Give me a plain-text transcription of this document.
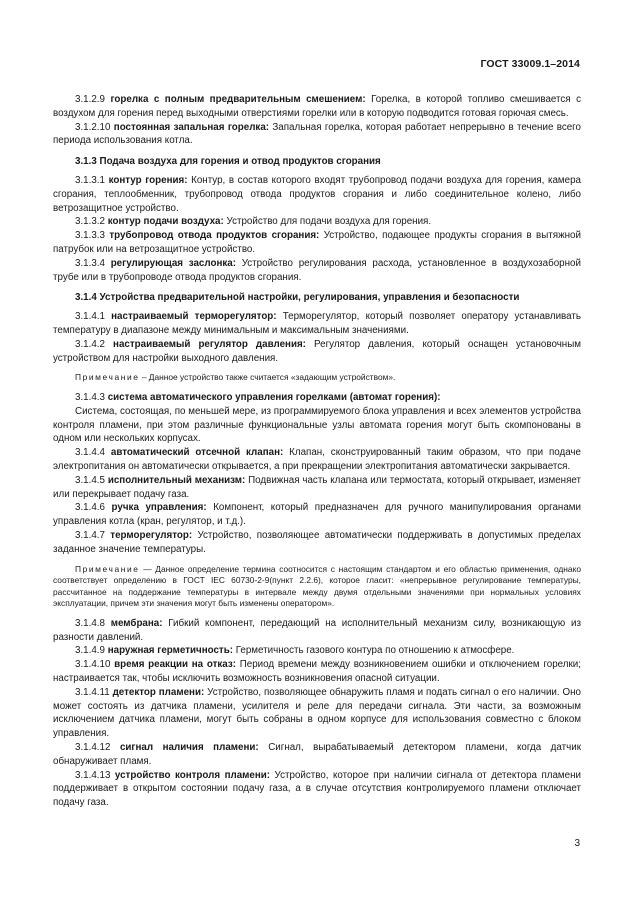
ГОСТ 33009.1–2014

3.1.2.9 горелка с полным предварительным смешением: Горелка, в которой топливо смешивается с воздухом для горения перед выходными отверстиями горелки или в которую подводится готовая горючая смесь.

3.1.2.10 постоянная запальная горелка: Запальная горелка, которая работает непрерывно в течение всего периода использования котла.

3.1.3 Подача воздуха для горения и отвод продуктов сгорания

3.1.3.1 контур горения: Контур, в состав которого входят трубопровод подачи воздуха для горения, камера сгорания, теплообменник, трубопровод отвода продуктов сгорания и либо соединительное колено, либо ветрозащитное устройство.

3.1.3.2 контур подачи воздуха: Устройство для подачи воздуха для горения.

3.1.3.3 трубопровод отвода продуктов сгорания: Устройство, подающее продукты сгорания в вытяжной патрубок или на ветрозащитное устройство.

3.1.3.4 регулирующая заслонка: Устройство регулирования расхода, установленное в воздухозаборной трубе или в трубопроводе отвода продуктов сгорания.

3.1.4 Устройства предварительной настройки, регулирования, управления и безопасности

3.1.4.1 настраиваемый терморегулятор: Терморегулятор, который позволяет оператору устанавливать температуру в диапазоне между минимальным и максимальным значениями.

3.1.4.2 настраиваемый регулятор давления: Регулятор давления, который оснащен установочным устройством для настройки выходного давления.

Примечание – Данное устройство также считается «задающим устройством».

3.1.4.3 система автоматического управления горелками (автомат горения):

Система, состоящая, по меньшей мере, из программируемого блока управления и всех элементов устройства контроля пламени, при этом различные функциональные узлы автомата горения могут быть скомпонованы в одном или нескольких корпусах.

3.1.4.4 автоматический отсечной клапан: Клапан, сконструированный таким образом, что при подаче электропитания он автоматически открывается, а при прекращении электропитания автоматически закрывается.

3.1.4.5 исполнительный механизм: Подвижная часть клапана или термостата, который открывает, изменяет или перекрывает подачу газа.

3.1.4.6 ручка управления: Компонент, который предназначен для ручного манипулирования органами управления котла (кран, регулятор, и т.д.).

3.1.4.7 терморегулятор: Устройство, позволяющее автоматически поддерживать в допустимых пределах заданное значение температуры.

Примечание — Данное определение термина соотносится с настоящим стандартом и его областью применения, однако соответствует определению в ГОСТ IEC 60730-2-9(пункт 2.2.6), которое гласит: «непрерывное регулирование температуры, рассчитанное на поддержание температуры в интервале между двумя отдельными значениями при нормальных условиях эксплуатации, причем эти значения могут быть изменены оператором».

3.1.4.8 мембрана: Гибкий компонент, передающий на исполнительный механизм силу, возникающую из разности давлений.

3.1.4.9 наружная герметичность: Герметичность газового контура по отношению к атмосфере.

3.1.4.10 время реакции на отказ: Период времени между возникновением ошибки и отключением горелки; настраивается так, чтобы исключить возможность возникновения опасной ситуации.

3.1.4.11 детектор пламени: Устройство, позволяющее обнаружить пламя и подать сигнал о его наличии. Оно может состоять из датчика пламени, усилителя и реле для передачи сигнала. Эти части, за возможным исключением датчика пламени, могут быть собраны в одном корпусе для использования совместно с блоком управления.

3.1.4.12 сигнал наличия пламени: Сигнал, вырабатываемый детектором пламени, когда датчик обнаруживает пламя.

3.1.4.13 устройство контроля пламени: Устройство, которое при наличии сигнала от детектора пламени поддерживает в открытом состоянии подачу газа, а в случае отсутствия контролируемого пламени отключает подачу газа.

3
